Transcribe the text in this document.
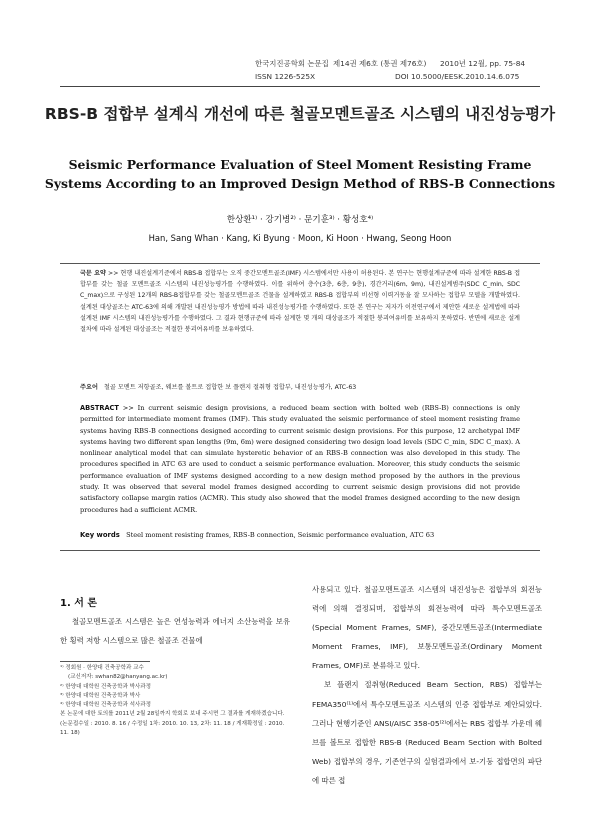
한국지진공학회 논문집 제14권 제6호 (통권 제76호) 2010년 12월, pp. 75-84
ISSN 1226-525X	DOI 10.5000/EESK.2010.14.6.075
RBS-B 접합부 설계식 개선에 따른 철골모멘트골조 시스템의 내진성능평가
Seismic Performance Evaluation of Steel Moment Resisting Frame Systems According to an Improved Design Method of RBS-B Connections
한상환¹⁾ · 강기병²⁾ · 문기훈³⁾ · 황성호⁴⁾
Han, Sang Whan · Kang, Ki Byung · Moon, Ki Hoon · Hwang, Seong Hoon
국문 요약 >> 현행 내진설계기준에서 RBS-B 접합부는 오직 중간모멘트골조(IMF) 시스템에서만 사용이 허용된다. 본 연구는 현행설계규준에 따라 설계한 RBS-B 접합부를 갖는 철골 모멘트골조 시스템의 내진성능평가를 수행하였다. 이를 위하여 층수(3층, 6층, 9층), 경간거리(6m, 9m), 내진설계범주(SDC C_min, SDC C_max)으로 구성된 12개의 RBS-B접합부를 갖는 철골모멘트골조 건물을 설계하였고 RBS-B 접합부의 비선형 이력거동을 잘 모사하는 접합부 모델을 개발하였다. 설계된 대상골조는 ATC-63에 의해 개발된 내진성능평가 방법에 따라 내진성능평가를 수행하였다. 또한 본 연구는 저자가 이전연구에서 제안한 새로운 설계법에 따라 설계된 IMF 시스템의 내진성능평가를 수행하였다. 그 결과 현행규준에 따라 설계한 몇 개의 대상골조가 적절한 붕괴여유비를 보유하지 못하였다. 반면에 새로운 설계절차에 따라 설계된 대상골조는 적절한 붕괴여유비를 보유하였다.
주요어 철골 모멘트 저항골조, 웨브를 볼트로 접합한 보 플랜지 절취형 접합부, 내진성능평가, ATC-63
ABSTRACT >> In current seismic design provisions, a reduced beam section with bolted web (RBS-B) connections is only permitted for intermediate moment frames (IMF). This study evaluated the seismic performance of steel moment resisting frame systems having RBS-B connections designed according to current seismic design provisions. For this purpose, 12 archetypal IMF systems having two different span lengths (9m, 6m) were designed considering two design load levels (SDC C_min, SDC C_max). A nonlinear analytical model that can simulate hysteretic behavior of an RBS-B connection was also developed in this study. The procedures specified in ATC 63 are used to conduct a seismic performance evaluation. Moreover, this study conducts the seismic performance evaluation of IMF systems designed according to a new design method proposed by the authors in the previous study. It was observed that several model frames designed according to current seismic design provisions did not provide satisfactory collapse margin ratios (ACMR). This study also showed that the model frames designed according to the new design procedures had a sufficient ACMR.
Key words Steel moment resisting frames, RBS-B connection, Seismic performance evaluation, ATC 63
1. 서 론

철골모멘트골조 시스템은 높은 연성능력과 에너지 소산능력을 보유한 횡력 저항 시스템으로 많은 철골조 건물에

¹⁾ 정회원 · 한양대 건축공학과 교수
(교신저자: swhan82@hanyang.ac.kr)
²⁾ 한양대 대학원 건축공학과 박사과정
³⁾ 한양대 대학원 건축공학과 박사
⁴⁾ 한양대 대학원 건축공학과 석사과정
본 논문에 대한 토의를 2011년 2월 28일까지 학회로 보내 주시면 그 결과를 게재하겠습니다.
(논문접수일 : 2010. 8. 16 / 수정일 1차: 2010. 10. 13, 2차: 11. 18 / 게재확정일 : 2010. 11. 18)

사용되고 있다. 철골모멘트골조 시스템의 내진성능은 접합부의 회전능력에 의해 결정되며, 접합부의 회전능력에 따라 특수모멘트골조(Special Moment Frames, SMF), 중간모멘트골조(Intermediate Moment Frames, IMF), 보통모멘트골조(Ordinary Moment Frames, OMF)로 분류하고 있다.

보 플랜지 절취형(Reduced Beam Section, RBS) 접합부는 FEMA350⁽¹⁾에서 특수모멘트골조 시스템의 인증 접합부로 제안되었다. 그러나 현행기준인 ANSI/AISC 358-05⁽²⁾에서는 RBS 접합부 가운데 웨브를 볼트로 접합한 RBS-B (Reduced Beam Section with Bolted Web) 접합부의 경우, 기존연구의 실험결과에서 보-기둥 접합면의 파단에 따른 접
